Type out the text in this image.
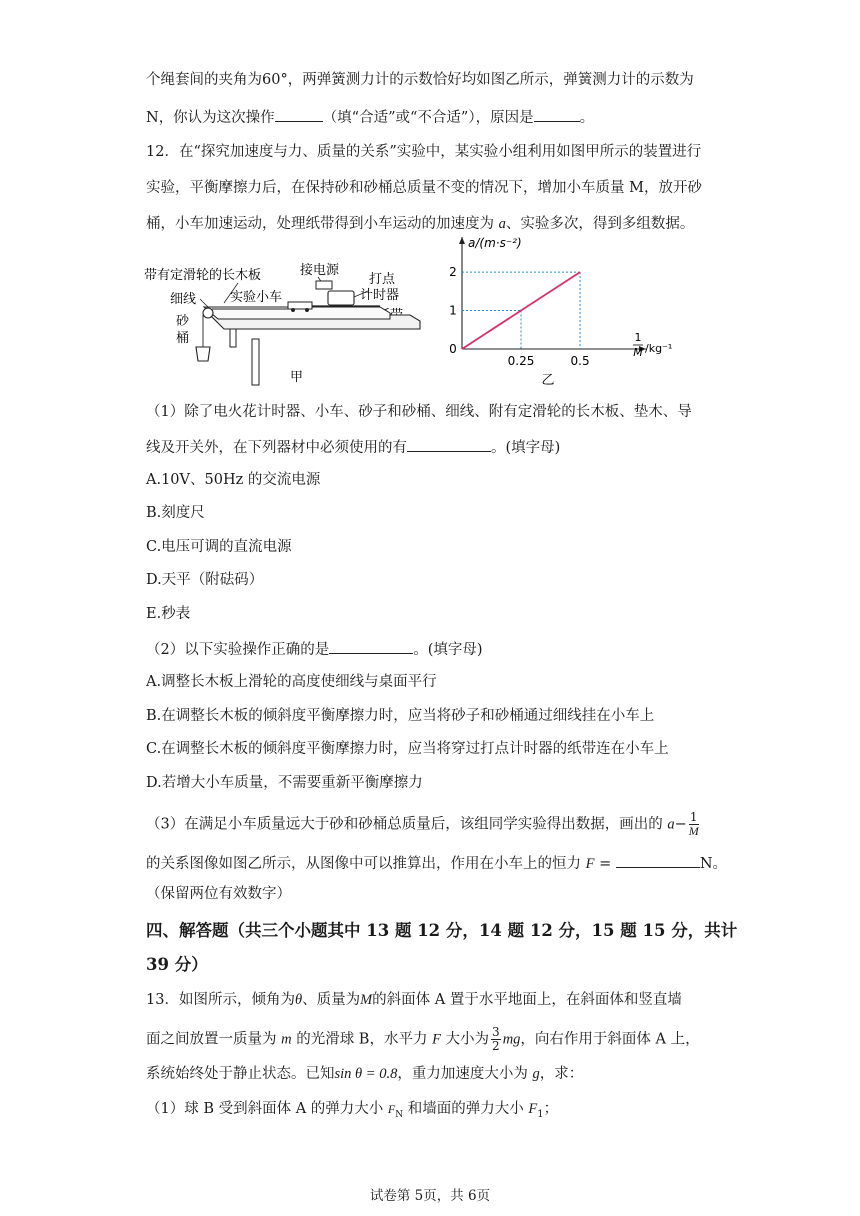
个绳套间的夹角为60°，两弹簧测力计的示数恰好均如图乙所示，弹簧测力计的示数为
N，你认为这次操作	（填“合适”或“不合适”），原因是	。
12．在“探究加速度与力、质量的关系”实验中，某实验小组利用如图甲所示的装置进行
实验，平衡摩擦力后，在保持砂和砂桶总质量不变的情况下，增加小车质量 M，放开砂
桶，小车加速运动，处理纸带得到小车运动的加速度为 a、实验多次，得到多组数据。
带有定滑轮的长木板	接电源
打点
计时器
细线	实验小车
砂
桶
甲
a/(m·s⁻²)
0.25	0.5
1
2
0
1
M /kg⁻¹
乙
（1）除了电火花计时器、小车、砂子和砂桶、细线、附有定滑轮的长木板、垫木、导
线及开关外，在下列器材中必须使用的有	。(填字母)
A.10V、50Hz 的交流电源
B.刻度尺
C.电压可调的直流电源
D.天平（附砝码）
E.秒表
（2）以下实验操作正确的是	。(填字母)
A.调整长木板上滑轮的高度使细线与桌面平行
B.在调整长木板的倾斜度平衡摩擦力时，应当将砂子和砂桶通过细线挂在小车上
C.在调整长木板的倾斜度平衡摩擦力时，应当将穿过打点计时器的纸带连在小车上
D.若增大小车质量，不需要重新平衡摩擦力
（3）在满足小车质量远大于砂和砂桶总质量后，该组同学实验得出数据，画出的 $a- \frac{1}{M}$
的关系图像如图乙所示，从图像中可以推算出，作用在小车上的恒力 F =	N。
（保留两位有效数字）
四、解答题（共三个小题其中 13 题 12 分，14 题 12 分，15 题 15 分，共计
39 分）
13．如图所示，倾角为θ、质量为M的斜面体 A 置于水平地面上，在斜面体和竖直墙
面之间放置一质量为 m 的光滑球 B，水平力 F 大小为 $\frac{3}{2}$ mg，向右作用于斜面体 A 上，
系统始终处于静止状态。已知sin θ = 0.8，重力加速度大小为 g，求：
（1）球 B 受到斜面体 A 的弹力大小 $F_N$ 和墙面的弹力大小 $F_1$；
试卷第 5页，共 6页
